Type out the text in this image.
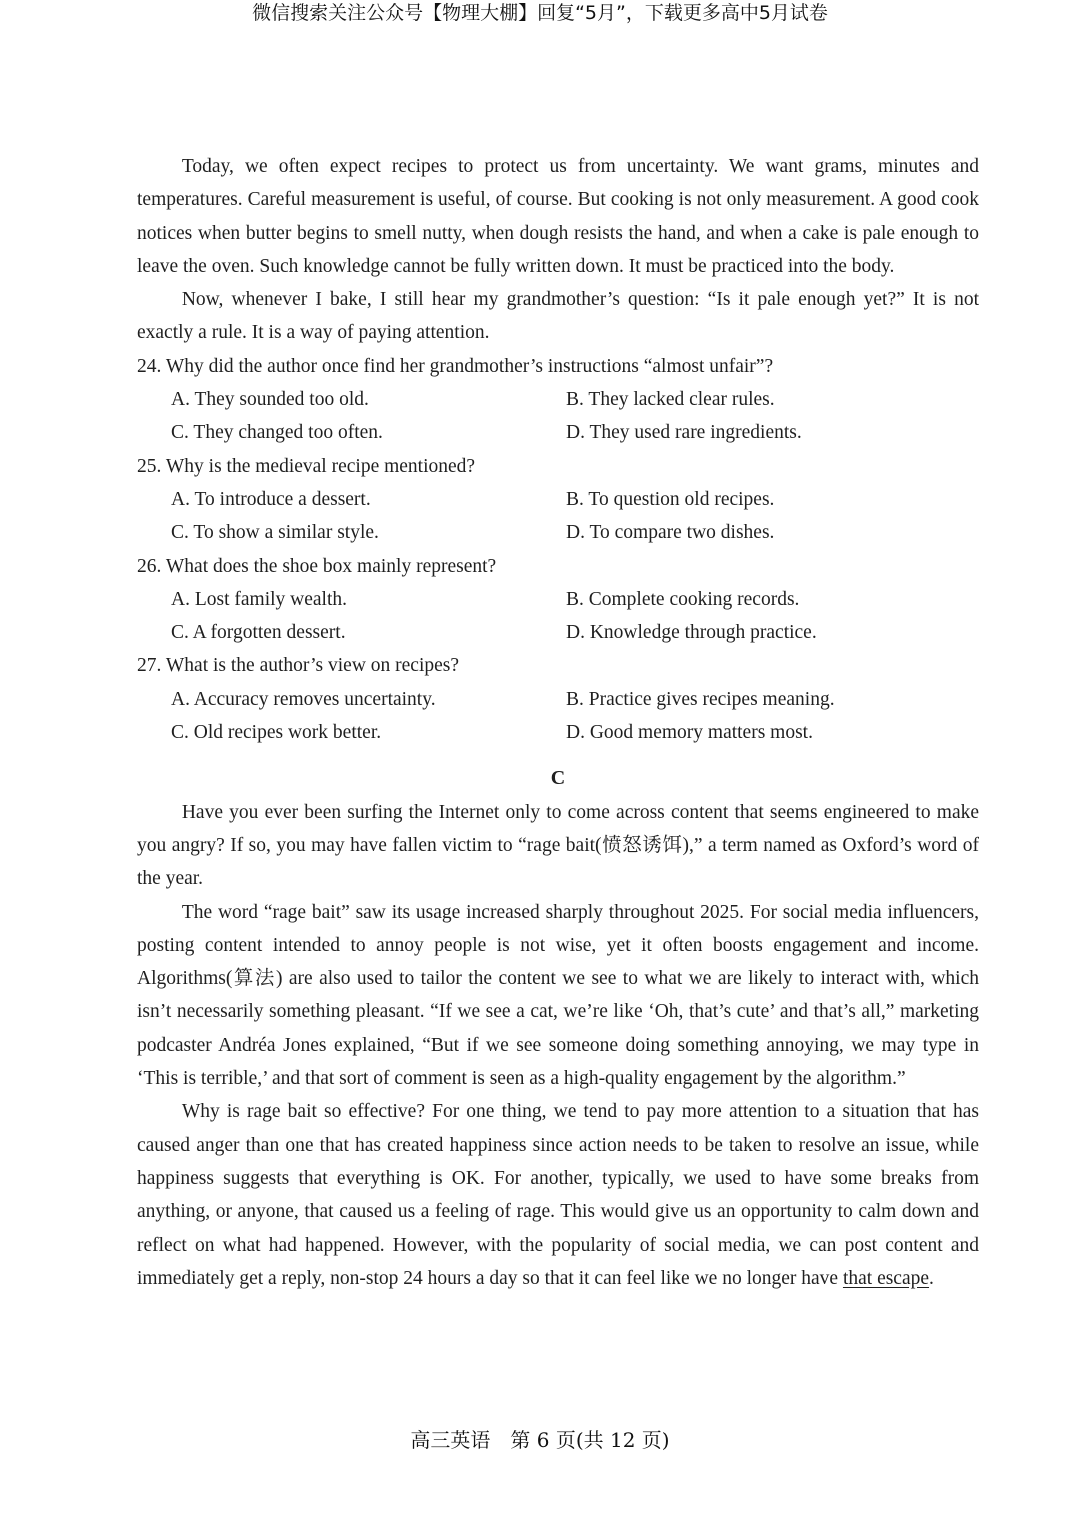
微信搜索关注公众号【物理大棚】回复“5月”，下载更多高中5月试卷

Today, we often expect recipes to protect us from uncertainty. We want grams, minutes and temperatures. Careful measurement is useful, of course. But cooking is not only measurement. A good cook notices when butter begins to smell nutty, when dough resists the hand, and when a cake is pale enough to leave the oven. Such knowledge cannot be fully written down. It must be practiced into the body.

Now, whenever I bake, I still hear my grandmother’s question: “Is it pale enough yet?” It is not exactly a rule. It is a way of paying attention.

24. Why did the author once find her grandmother’s instructions “almost unfair”?
A. They sounded too old.	B. They lacked clear rules.
C. They changed too often.	D. They used rare ingredients.
25. Why is the medieval recipe mentioned?
A. To introduce a dessert.	B. To question old recipes.
C. To show a similar style.	D. To compare two dishes.
26. What does the shoe box mainly represent?
A. Lost family wealth.	B. Complete cooking records.
C. A forgotten dessert.	D. Knowledge through practice.
27. What is the author’s view on recipes?
A. Accuracy removes uncertainty.	B. Practice gives recipes meaning.
C. Old recipes work better.	D. Good memory matters most.
C

Have you ever been surfing the Internet only to come across content that seems engineered to make you angry? If so, you may have fallen victim to “rage bait(愤怒诱饵),” a term named as Oxford’s word of the year.

The word “rage bait” saw its usage increased sharply throughout 2025. For social media influencers, posting content intended to annoy people is not wise, yet it often boosts engagement and income. Algorithms(算法) are also used to tailor the content we see to what we are likely to interact with, which isn’t necessarily something pleasant. “If we see a cat, we’re like ‘Oh, that’s cute’ and that’s all,” marketing podcaster Andréa Jones explained, “But if we see someone doing something annoying, we may type in ‘This is terrible,’ and that sort of comment is seen as a high-quality engagement by the algorithm.”

Why is rage bait so effective? For one thing, we tend to pay more attention to a situation that has caused anger than one that has created happiness since action needs to be taken to resolve an issue, while happiness suggests that everything is OK. For another, typically, we used to have some breaks from anything, or anyone, that caused us a feeling of rage. This would give us an opportunity to calm down and reflect on what had happened. However, with the popularity of social media, we can post content and immediately get a reply, non-stop 24 hours a day so that it can feel like we no longer have that escape.

高三英语　第 6 页(共 12 页)
